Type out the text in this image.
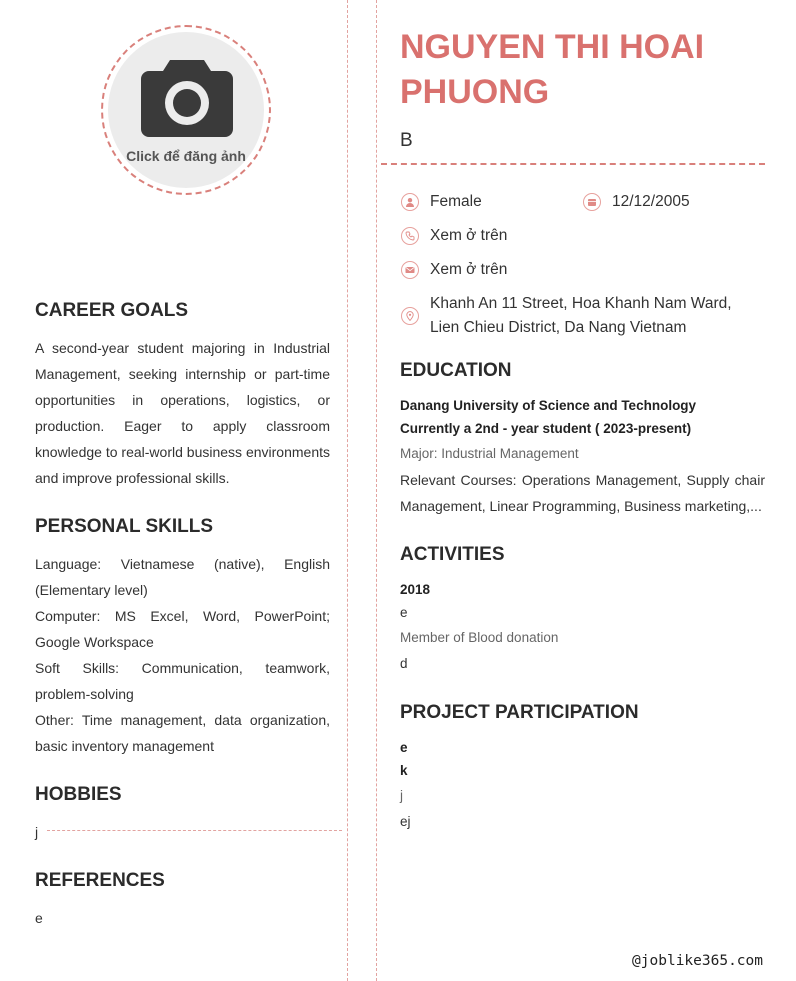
Click để đăng ảnh
CAREER GOALS

A second-year student majoring in Industrial Management, seeking internship or part-time opportunities in operations, logistics, or production. Eager to apply classroom knowledge to real-world business environments and improve professional skills.

PERSONAL SKILLS

Language: Vietnamese (native), English (Elementary level)

Computer: MS Excel, Word, PowerPoint; Google Workspace

Soft Skills: Communication, teamwork, problem-solving

Other: Time management, data organization, basic inventory management

HOBBIES

j

REFERENCES

e

NGUYEN THI HOAI PHUONG
B
Female	12/12/2005
Xem ở trên
Xem ở trên
Khanh An 11 Street, Hoa Khanh Nam Ward, Lien Chieu District, Da Nang Vietnam
EDUCATION
Danang University of Science and Technology
Currently a 2nd - year student ( 2023-present)
Major: Industrial Management

Relevant Courses: Operations Management, Supply chair Management, Linear Programming, Business marketing,...

ACTIVITIES
2018
e
Member of Blood donation
d
PROJECT PARTICIPATION
e
k
j
ej
@joblike365.com
